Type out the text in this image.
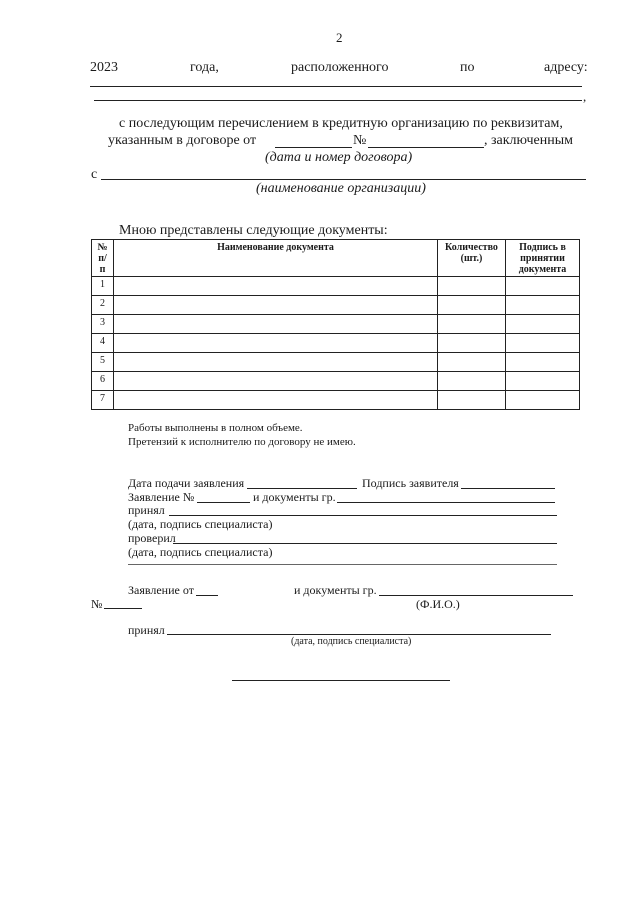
2
2023	года,	расположенного	по	адресу:
,
с последующим перечислением в кредитную организацию по реквизитам,
указанным в договоре от	№	, заключенным
(дата и номер договора)
с
(наименование организации)
Мною представлены следующие документы:
№ п/п	Наименование документа	Количество (шт.)	Подпись в принятии документа

1			
2			
3			
4			
5			
6			
7			
Работы выполнены в полном объеме.
Претензий к исполнителю по договору не имею.
Дата подачи заявления	Подпись заявителя
Заявление №	и документы гр.
принял
(дата, подпись специалиста)
проверил
(дата, подпись специалиста)
Заявление от	и документы гр.
(Ф.И.О.)
№
принял
(дата, подпись специалиста)
